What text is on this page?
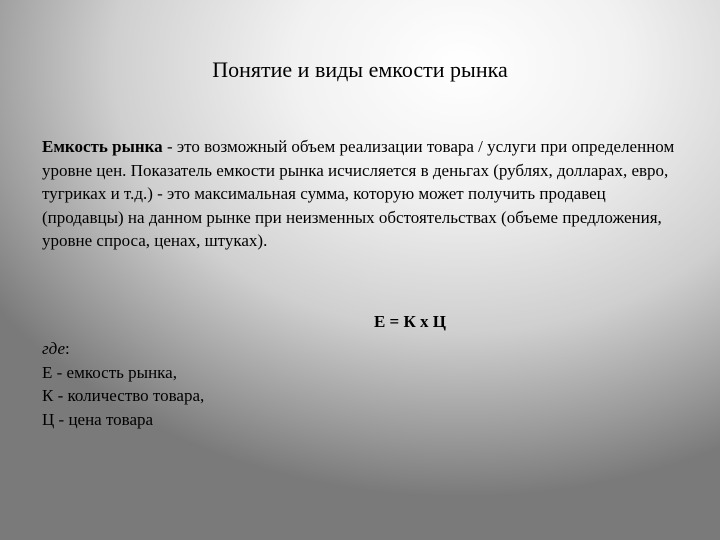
Понятие и виды емкости рынка

Емкость рынка - это возможный объем реализации товара / услуги при определенном уровне цен. Показатель емкости рынка исчисляется в деньгах (рублях, долларах, евро, тугриках и т.д.) - это максимальная сумма, которую может получить продавец (продавцы) на данном рынке при неизменных обстоятельствах (объеме предложения, уровне спроса, ценах, штуках).

Е = К х Ц
где:
Е - емкость рынка,
К - количество товара,
Ц - цена товара
